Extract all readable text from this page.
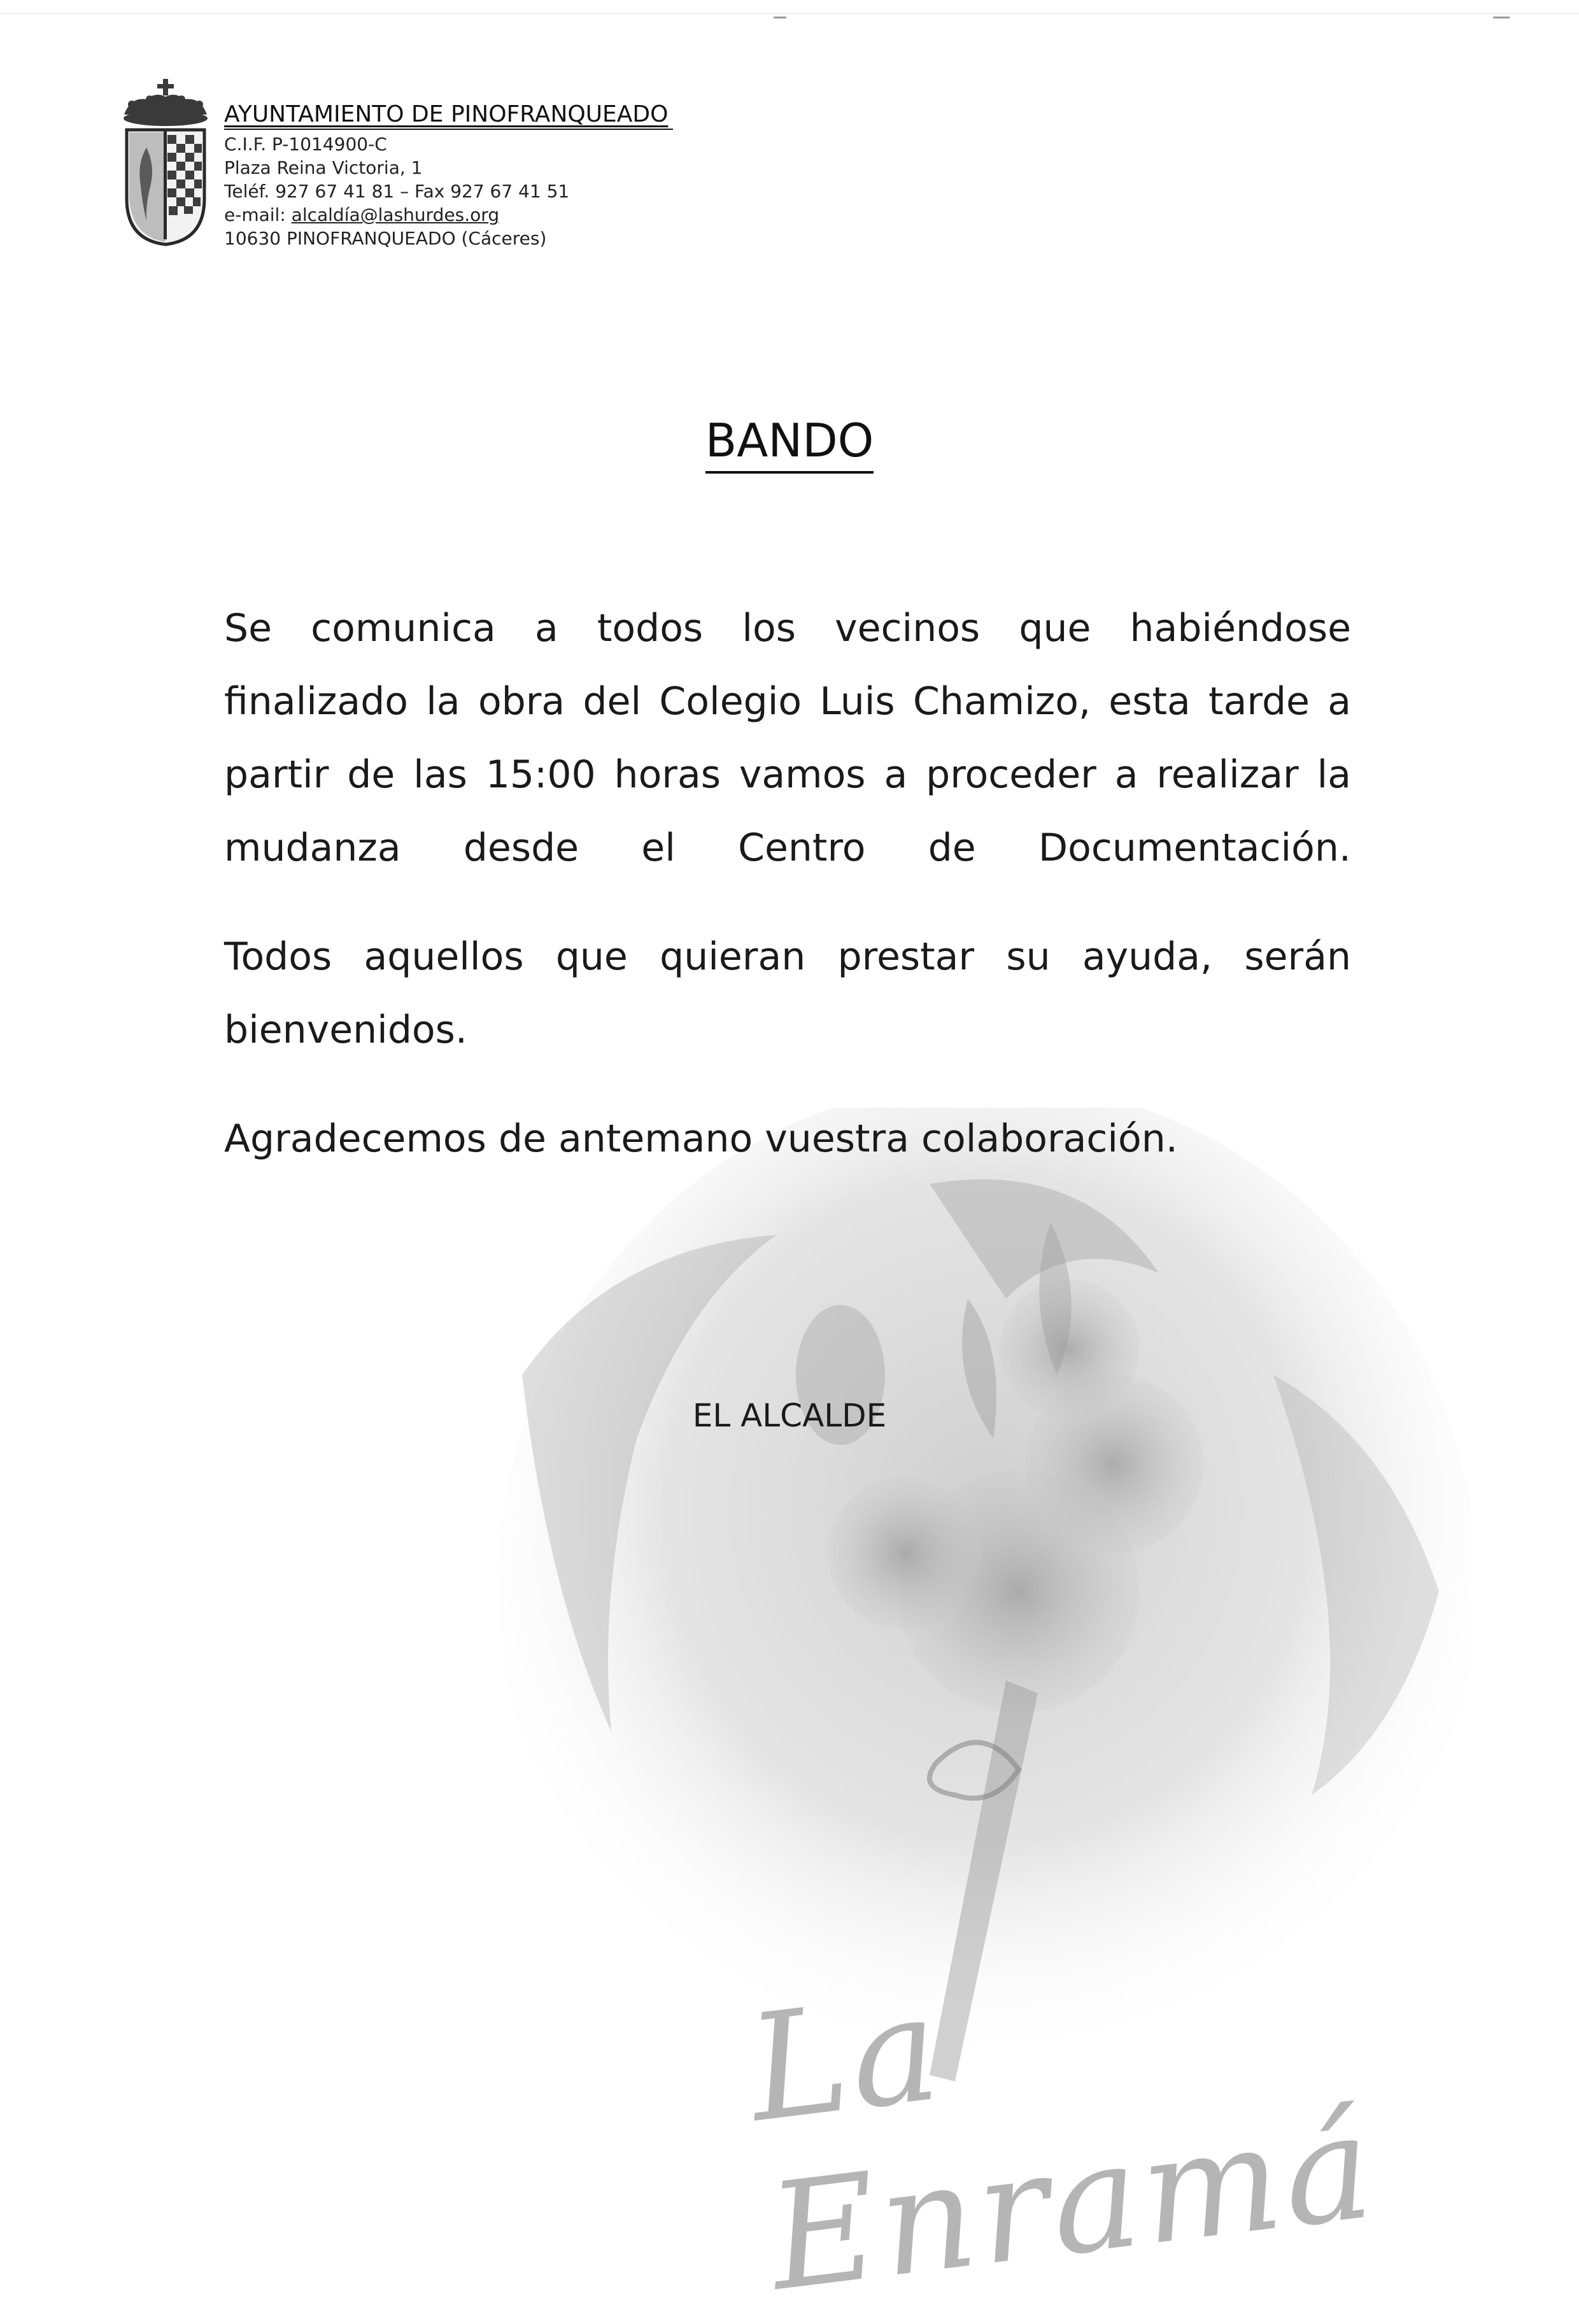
AYUNTAMIENTO DE PINOFRANQUEADO
C.I.F. P-1014900-C
Plaza Reina Victoria, 1
Teléf. 927 67 41 81 – Fax 927 67 41 51
e-mail: alcaldía@lashurdes.org
10630 PINOFRANQUEADO (Cáceres)
BANDO

Se comunica a todos los vecinos que habiéndose finalizado la obra del Colegio Luis Chamizo, esta tarde a partir de las 15:00 horas vamos a proceder a realizar la mudanza desde el Centro de Documentación.

Todos aquellos que quieran prestar su ayuda, serán bienvenidos.

Agradecemos de antemano vuestra colaboración.

EL ALCALDE
La Enramá
